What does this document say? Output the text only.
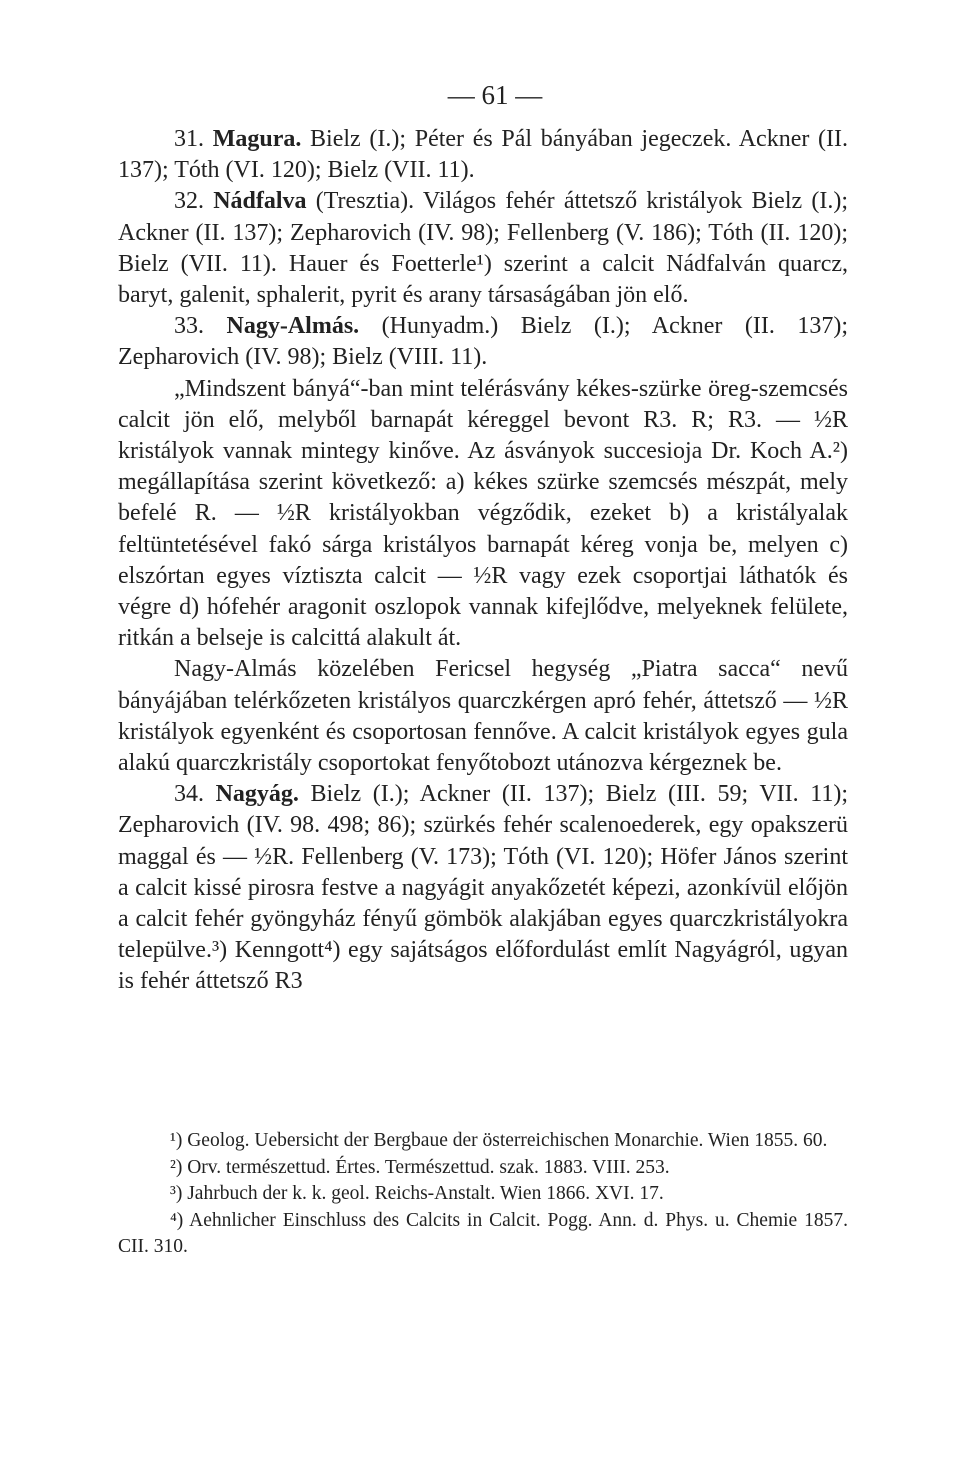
— 61 —

31. Magura. Bielz (I.); Péter és Pál bányában jegeczek. Ackner (II. 137); Tóth (VI. 120); Bielz (VII. 11).

32. Nádfalva (Tresztia). Világos fehér áttetsző kristályok Bielz (I.); Ackner (II. 137); Zepharovich (IV. 98); Fellenberg (V. 186); Tóth (II. 120); Bielz (VII. 11). Hauer és Foetterle¹) szerint a calcit Nádfalván quarcz, baryt, galenit, sphalerit, pyrit és arany társaságában jön elő.

33. Nagy-Almás. (Hunyadm.) Bielz (I.); Ackner (II. 137); Zepharovich (IV. 98); Bielz (VIII. 11).

„Mindszent bányá“-ban mint telérásvány kékes-szürke öreg-szemcsés calcit jön elő, melyből barnapát kéreggel bevont R3. R; R3. — ½R kristályok vannak mintegy kinőve. Az ásványok succesioja Dr. Koch A.²) megállapítása szerint következő: a) kékes szürke szemcsés mészpát, mely befelé R. — ½R kristályokban végződik, ezeket b) a kristályalak feltüntetésével fakó sárga kristályos barnapát kéreg vonja be, melyen c) elszórtan egyes víztiszta calcit — ½R vagy ezek csoportjai láthatók és végre d) hófehér aragonit oszlopok vannak kifejlődve, melyeknek felülete, ritkán a belseje is calcittá alakult át.

Nagy-Almás közelében Fericsel hegység „Piatra sacca“ nevű bányájában telérkőzeten kristályos quarczkérgen apró fehér, áttetsző — ½R kristályok egyenként és csoportosan fennőve. A calcit kristályok egyes gula alakú quarczkristály csoportokat fenyőtobozt utánozva kérgeznek be.

34. Nagyág. Bielz (I.); Ackner (II. 137); Bielz (III. 59; VII. 11); Zepharovich (IV. 98. 498; 86); szürkés fehér scalenoederek, egy opakszerü maggal és — ½R. Fellenberg (V. 173); Tóth (VI. 120); Höfer János szerint a calcit kissé pirosra festve a nagyágit anyakőzetét képezi, azonkívül előjön a calcit fehér gyöngyház fényű gömbök alakjában egyes quarczkristályokra települve.³) Kenngott⁴) egy sajátságos előfordulást említ Nagyágról, ugyan is fehér áttetsző R3

¹) Geolog. Uebersicht der Bergbaue der österreichischen Monarchie. Wien 1855. 60.

²) Orv. természettud. Értes. Természettud. szak. 1883. VIII. 253.

³) Jahrbuch der k. k. geol. Reichs-Anstalt. Wien 1866. XVI. 17.

⁴) Aehnlicher Einschluss des Calcits in Calcit. Pogg. Ann. d. Phys. u. Chemie 1857. CII. 310.
